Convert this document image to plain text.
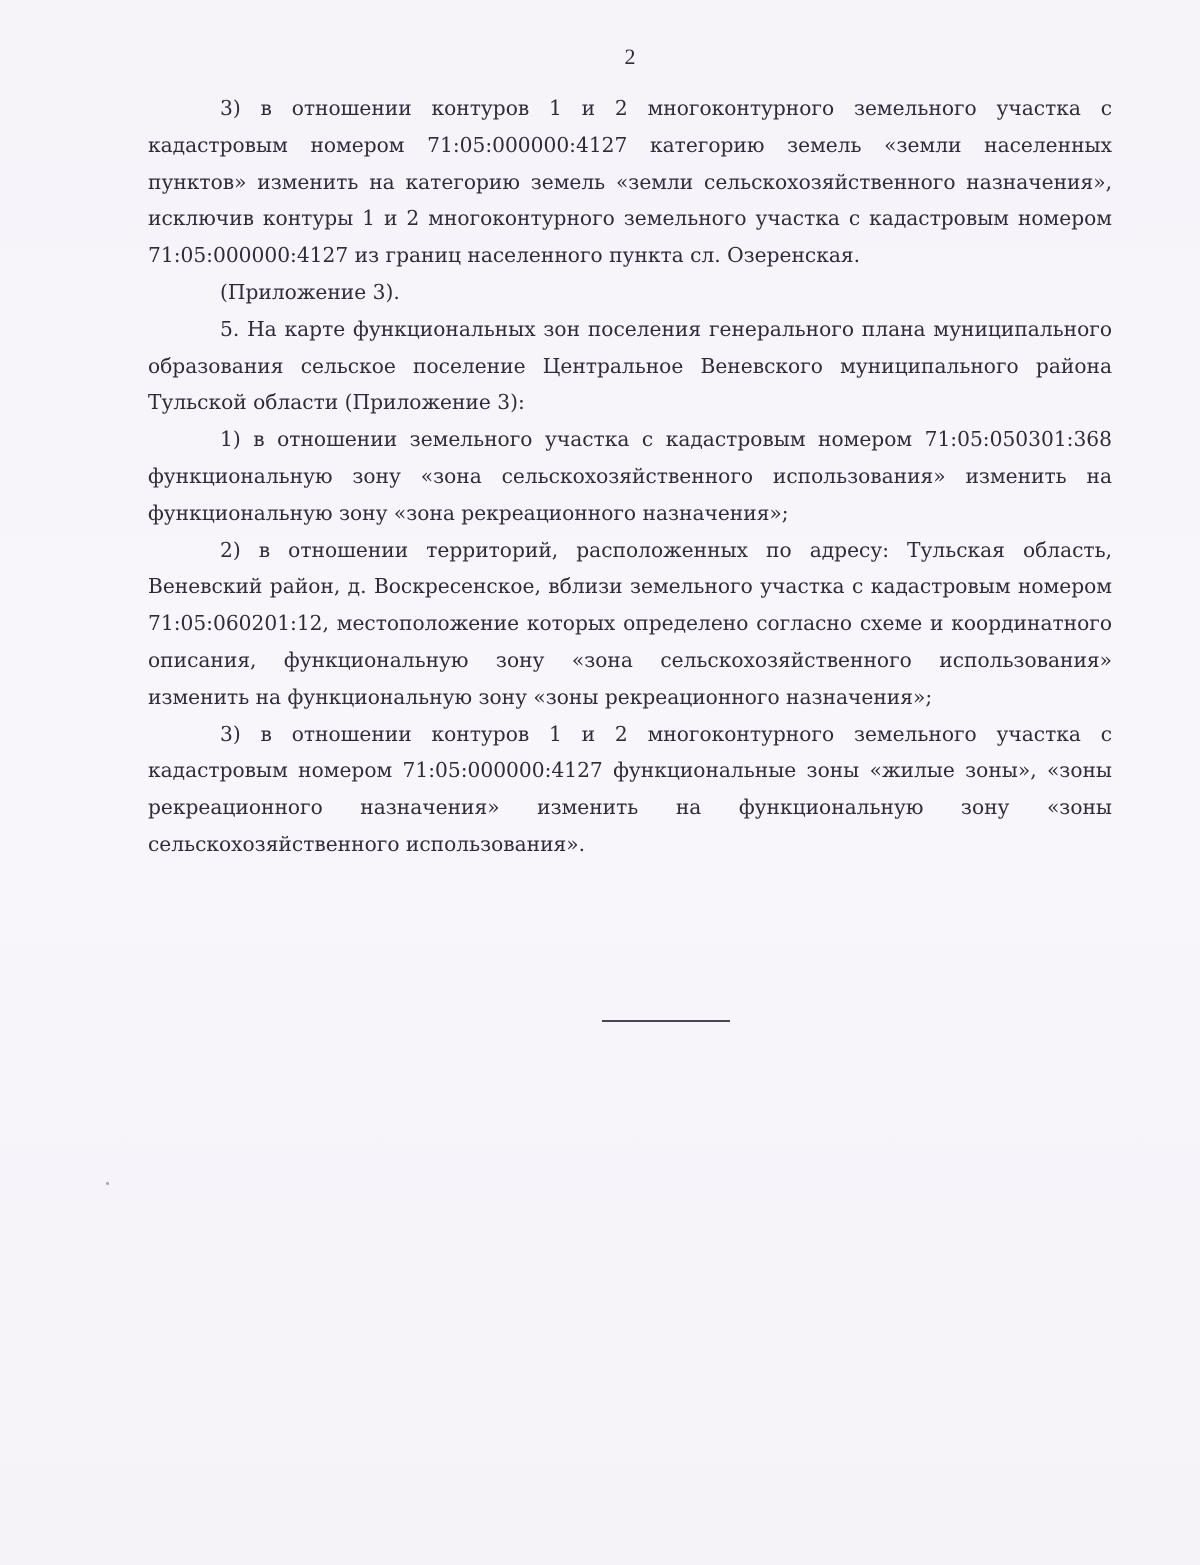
2

3) в отношении контуров 1 и 2 многоконтурного земельного участка с кадастровым номером 71:05:000000:4127 категорию земель «земли населенных пунктов» изменить на категорию земель «земли сельскохозяйственного назначения», исключив контуры 1 и 2 многоконтурного земельного участка с кадастровым номером 71:05:000000:4127 из границ населенного пункта сл. Озеренская.

(Приложение 3).

5. На карте функциональных зон поселения генерального плана муниципального образования сельское поселение Центральное Веневского муниципального района Тульской области (Приложение 3):

1) в отношении земельного участка с кадастровым номером 71:05:050301:368 функциональную зону «зона сельскохозяйственного использования» изменить на функциональную зону «зона рекреационного назначения»;

2) в отношении территорий, расположенных по адресу: Тульская область, Веневский район, д. Воскресенское, вблизи земельного участка с кадастровым номером 71:05:060201:12, местоположение которых определено согласно схеме и координатного описания, функциональную зону «зона сельскохозяйственного использования» изменить на функциональную зону «зоны рекреационного назначения»;

3) в отношении контуров 1 и 2 многоконтурного земельного участка с кадастровым номером 71:05:000000:4127 функциональные зоны «жилые зоны», «зоны рекреационного назначения» изменить на функциональную зону «зоны сельскохозяйственного использования».
